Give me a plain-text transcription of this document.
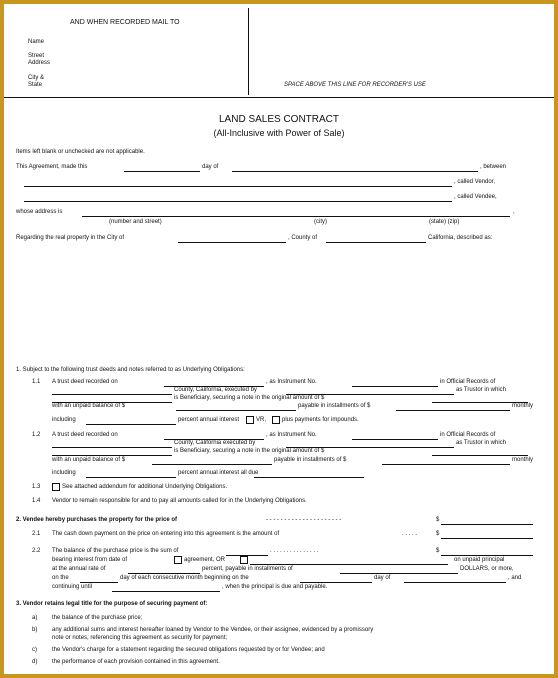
AND WHEN RECORDED MAIL TO
Name
Street
Address
City &
State	SPACE ABOVE THIS LINE FOR RECORDER'S USE
LAND SALES CONTRACT
(All-Inclusive with Power of Sale)
Items left blank or unchecked are not applicable.
This Agreement, made this	day of	, between
, called Vendor,
, called Vendee,
whose address is	,
(number and street)	(city)	(state) (zip)
Regarding the real property in the City of	, County of	California, described as:
1. Subject to the following trust deeds and notes referred to as Underlying Obligations:
1.1 A trust deed recorded on	, as Instrument No.	in Official Records of
County, California, executed by	as Trustor in which
is Beneficiary, securing a note in the original amount of $
with an unpaid balance of $	payable in installments of $	monthly
including	percent annual interest	VR,	plus payments for impounds.
1.2 A trust deed recorded on	, as Instrument No.	in Official Records of
County, California executed by	as Trustor in which
is Beneficiary, securing a note in the original amount of $
with an unpaid balance of $	payable in installments of $	monthly
including	percent annual interest all due
1.3	See attached addendum for additional Underlying Obligations.
1.4 Vendor to remain responsible for and to pay all amounts called for in the Underlying Obligations.
2. Vendee hereby purchases the property for the price of	- - - - - - - - - - - - - - - - - - - - -	$
2.1 The cash down payment on the price on entering into this agreement is the amount of	. . . . .	$
2.2 The balance of the purchase price is the sum of	. . . . . . . . . . . . . . .	$
bearing interest from date of	agreement, OR	on unpaid principal
at the annual rate of	percent, payable in installments of	DOLLARS, or more,
on the	day of each consecutive month beginning on the	day of	, and
continuing until	, when the principal is due and payable.
3. Vendor retains legal title for the purpose of securing payment of:
a) the balance of the purchase price;
b) any additional sums and interest hereafter loaned by Vendor to the Vendee, or their assignee, evidenced by a promissory
note or notes, referencing this agreement as security for payment;
c)	the Vendor's charge for a statement regarding the secured obligations requested by or for Vendee; and
d) the performance of each provision contained in this agreement.
